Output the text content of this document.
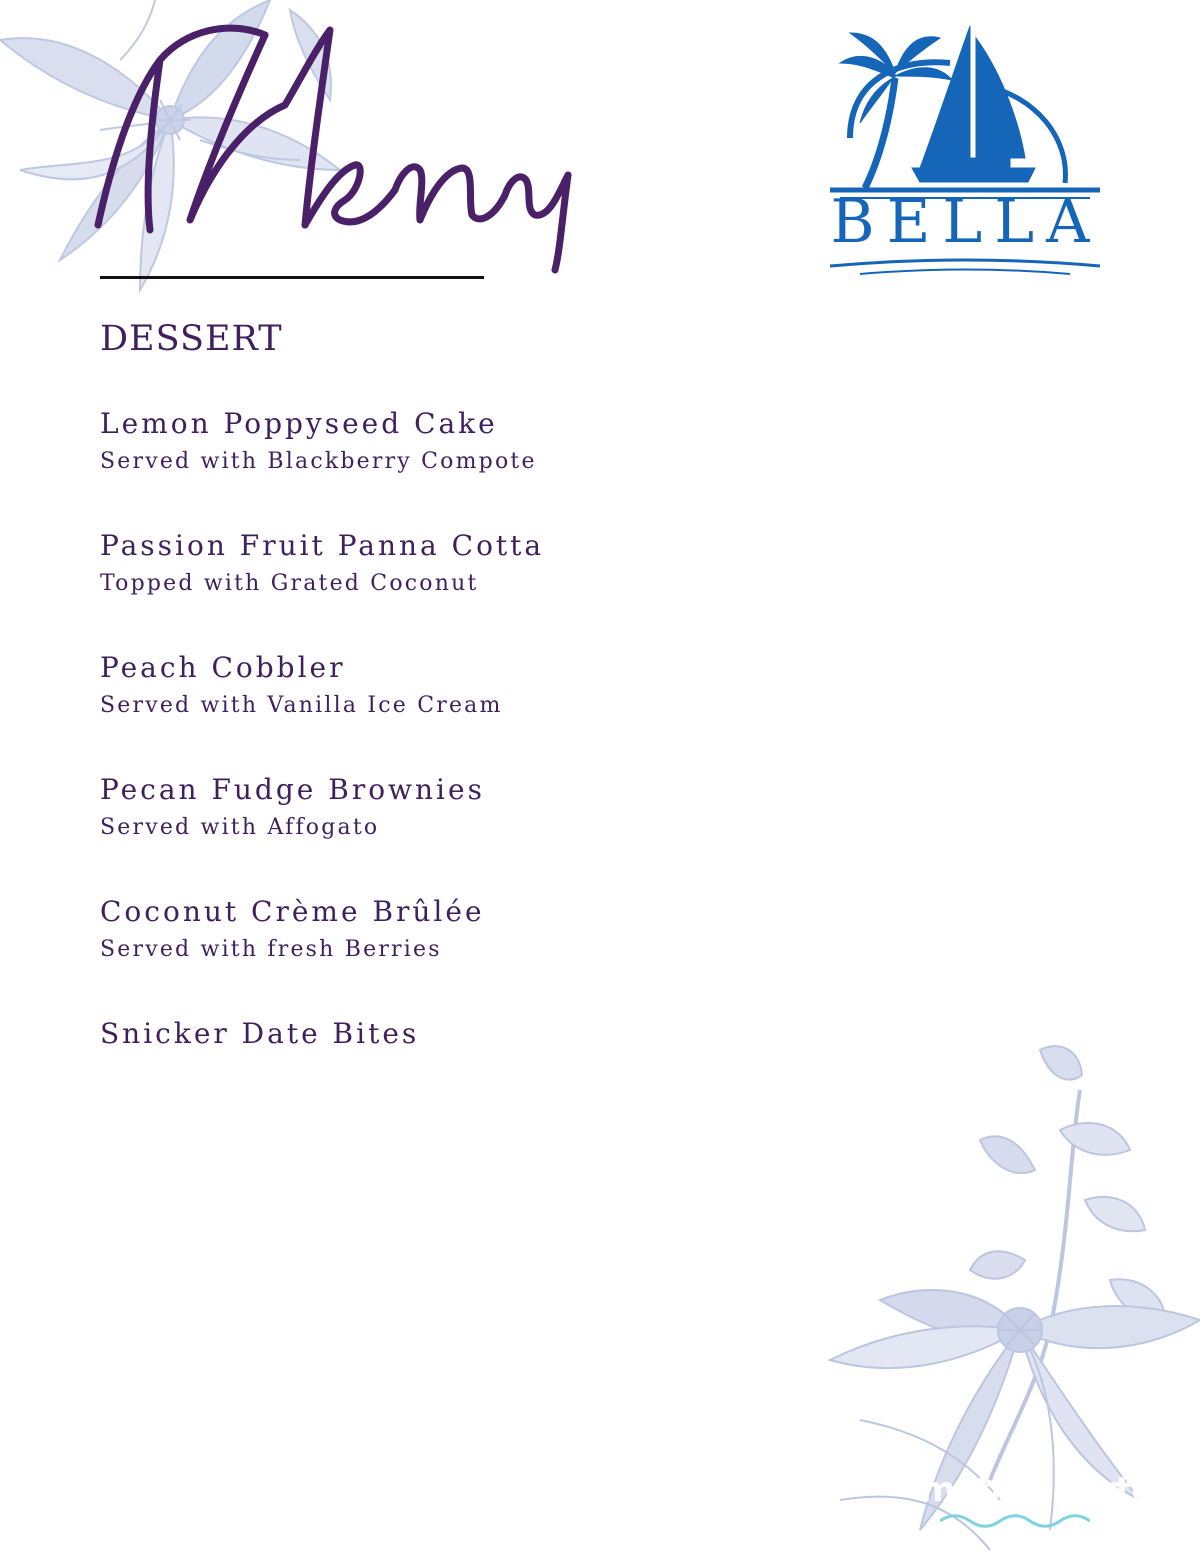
BELLA
DESSERT
Lemon Poppyseed Cake
Served with Blackberry Compote
Passion Fruit Panna Cotta
Topped with Grated Coconut
Peach Cobbler
Served with Vanilla Ice Cream
Pecan Fudge Brownies
Served with Affogato
Coconut Crème Brûlée
Served with fresh Berries
Snicker Date Bites
mybvicharter
